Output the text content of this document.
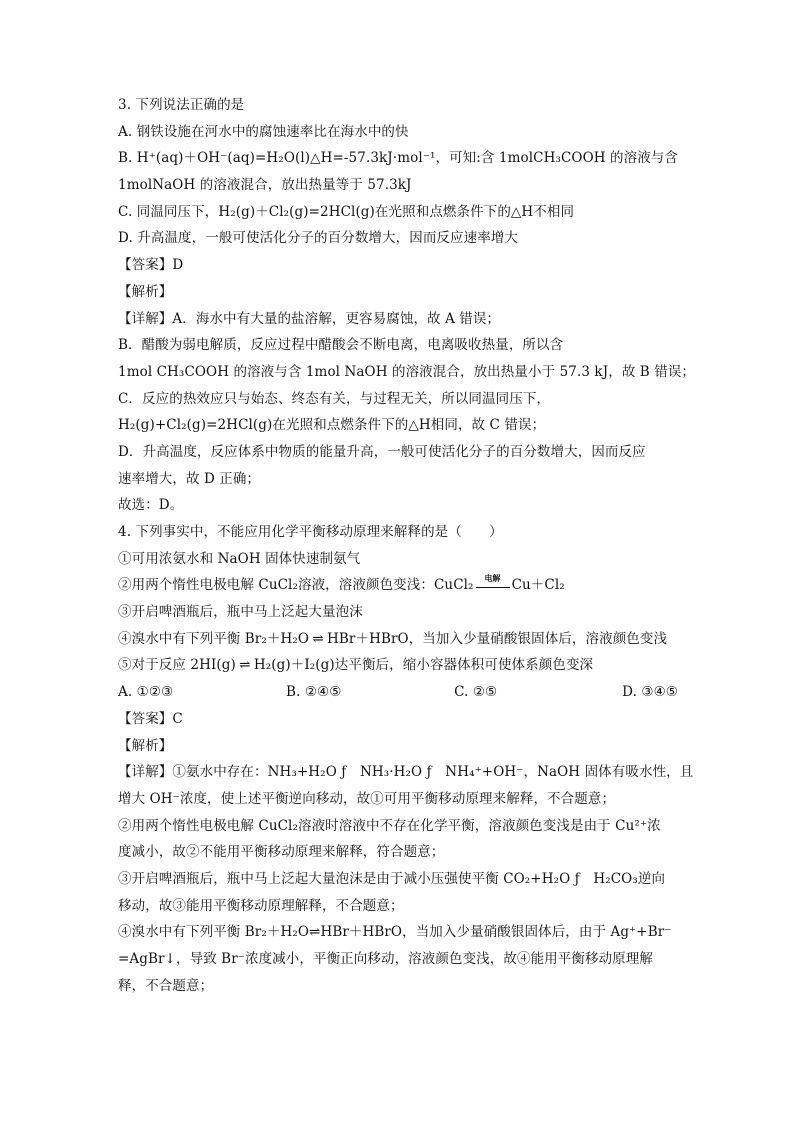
3. 下列说法正确的是
A. 钢铁设施在河水中的腐蚀速率比在海水中的快
B. H⁺(aq)＋OH⁻(aq)=H₂O(l)△H=-57.3kJ·mol⁻¹，可知:含 1molCH₃COOH 的溶液与含
1molNaOH 的溶液混合，放出热量等于 57.3kJ
C. 同温同压下，H₂(g)＋Cl₂(g)=2HCl(g)在光照和点燃条件下的△H不相同
D. 升高温度，一般可使活化分子的百分数增大，因而反应速率增大
【答案】D
【解析】
【详解】A．海水中有大量的盐溶解，更容易腐蚀，故 A 错误；
B．醋酸为弱电解质，反应过程中醋酸会不断电离，电离吸收热量，所以含
1mol CH₃COOH 的溶液与含 1mol NaOH 的溶液混合，放出热量小于 57.3 kJ，故 B 错误；
C．反应的热效应只与始态、终态有关，与过程无关，所以同温同压下，
H₂(g)+Cl₂(g)=2HCl(g)在光照和点燃条件下的△H相同，故 C 错误；
D．升高温度，反应体系中物质的能量升高，一般可使活化分子的百分数增大，因而反应
速率增大，故 D 正确；
故选：D。
4. 下列事实中，不能应用化学平衡移动原理来解释的是（　　）
①可用浓氨水和 NaOH 固体快速制氨气
②用两个惰性电极电解 CuCl₂溶液，溶液颜色变浅：CuCl₂	电解 Cu＋Cl₂
③开启啤酒瓶后，瓶中马上泛起大量泡沫
④溴水中有下列平衡 Br₂＋H₂O ⇌ HBr＋HBrO，当加入少量硝酸银固体后，溶液颜色变浅
⑤对于反应 2HI(g) ⇌ H₂(g)＋I₂(g)达平衡后，缩小容器体积可使体系颜色变深
A. ①②③	B. ②④⑤	C. ②⑤	D. ③④⑤
【答案】C
【解析】
【详解】①氨水中存在：NH₃+H₂O ƒ　NH₃·H₂O ƒ　NH₄⁺+OH⁻，NaOH 固体有吸水性，且
增大 OH⁻浓度，使上述平衡逆向移动，故①可用平衡移动原理来解释，不合题意；
②用两个惰性电极电解 CuCl₂溶液时溶液中不存在化学平衡，溶液颜色变浅是由于 Cu²⁺浓
度减小，故②不能用平衡移动原理来解释，符合题意；
③开启啤酒瓶后，瓶中马上泛起大量泡沫是由于减小压强使平衡 CO₂+H₂O ƒ　H₂CO₃逆向
移动，故③能用平衡移动原理解释，不合题意；
④溴水中有下列平衡 Br₂＋H₂O⇌HBr＋HBrO，当加入少量硝酸银固体后，由于 Ag⁺+Br⁻
=AgBr↓，导致 Br⁻浓度减小，平衡正向移动，溶液颜色变浅，故④能用平衡移动原理解
释，不合题意；
